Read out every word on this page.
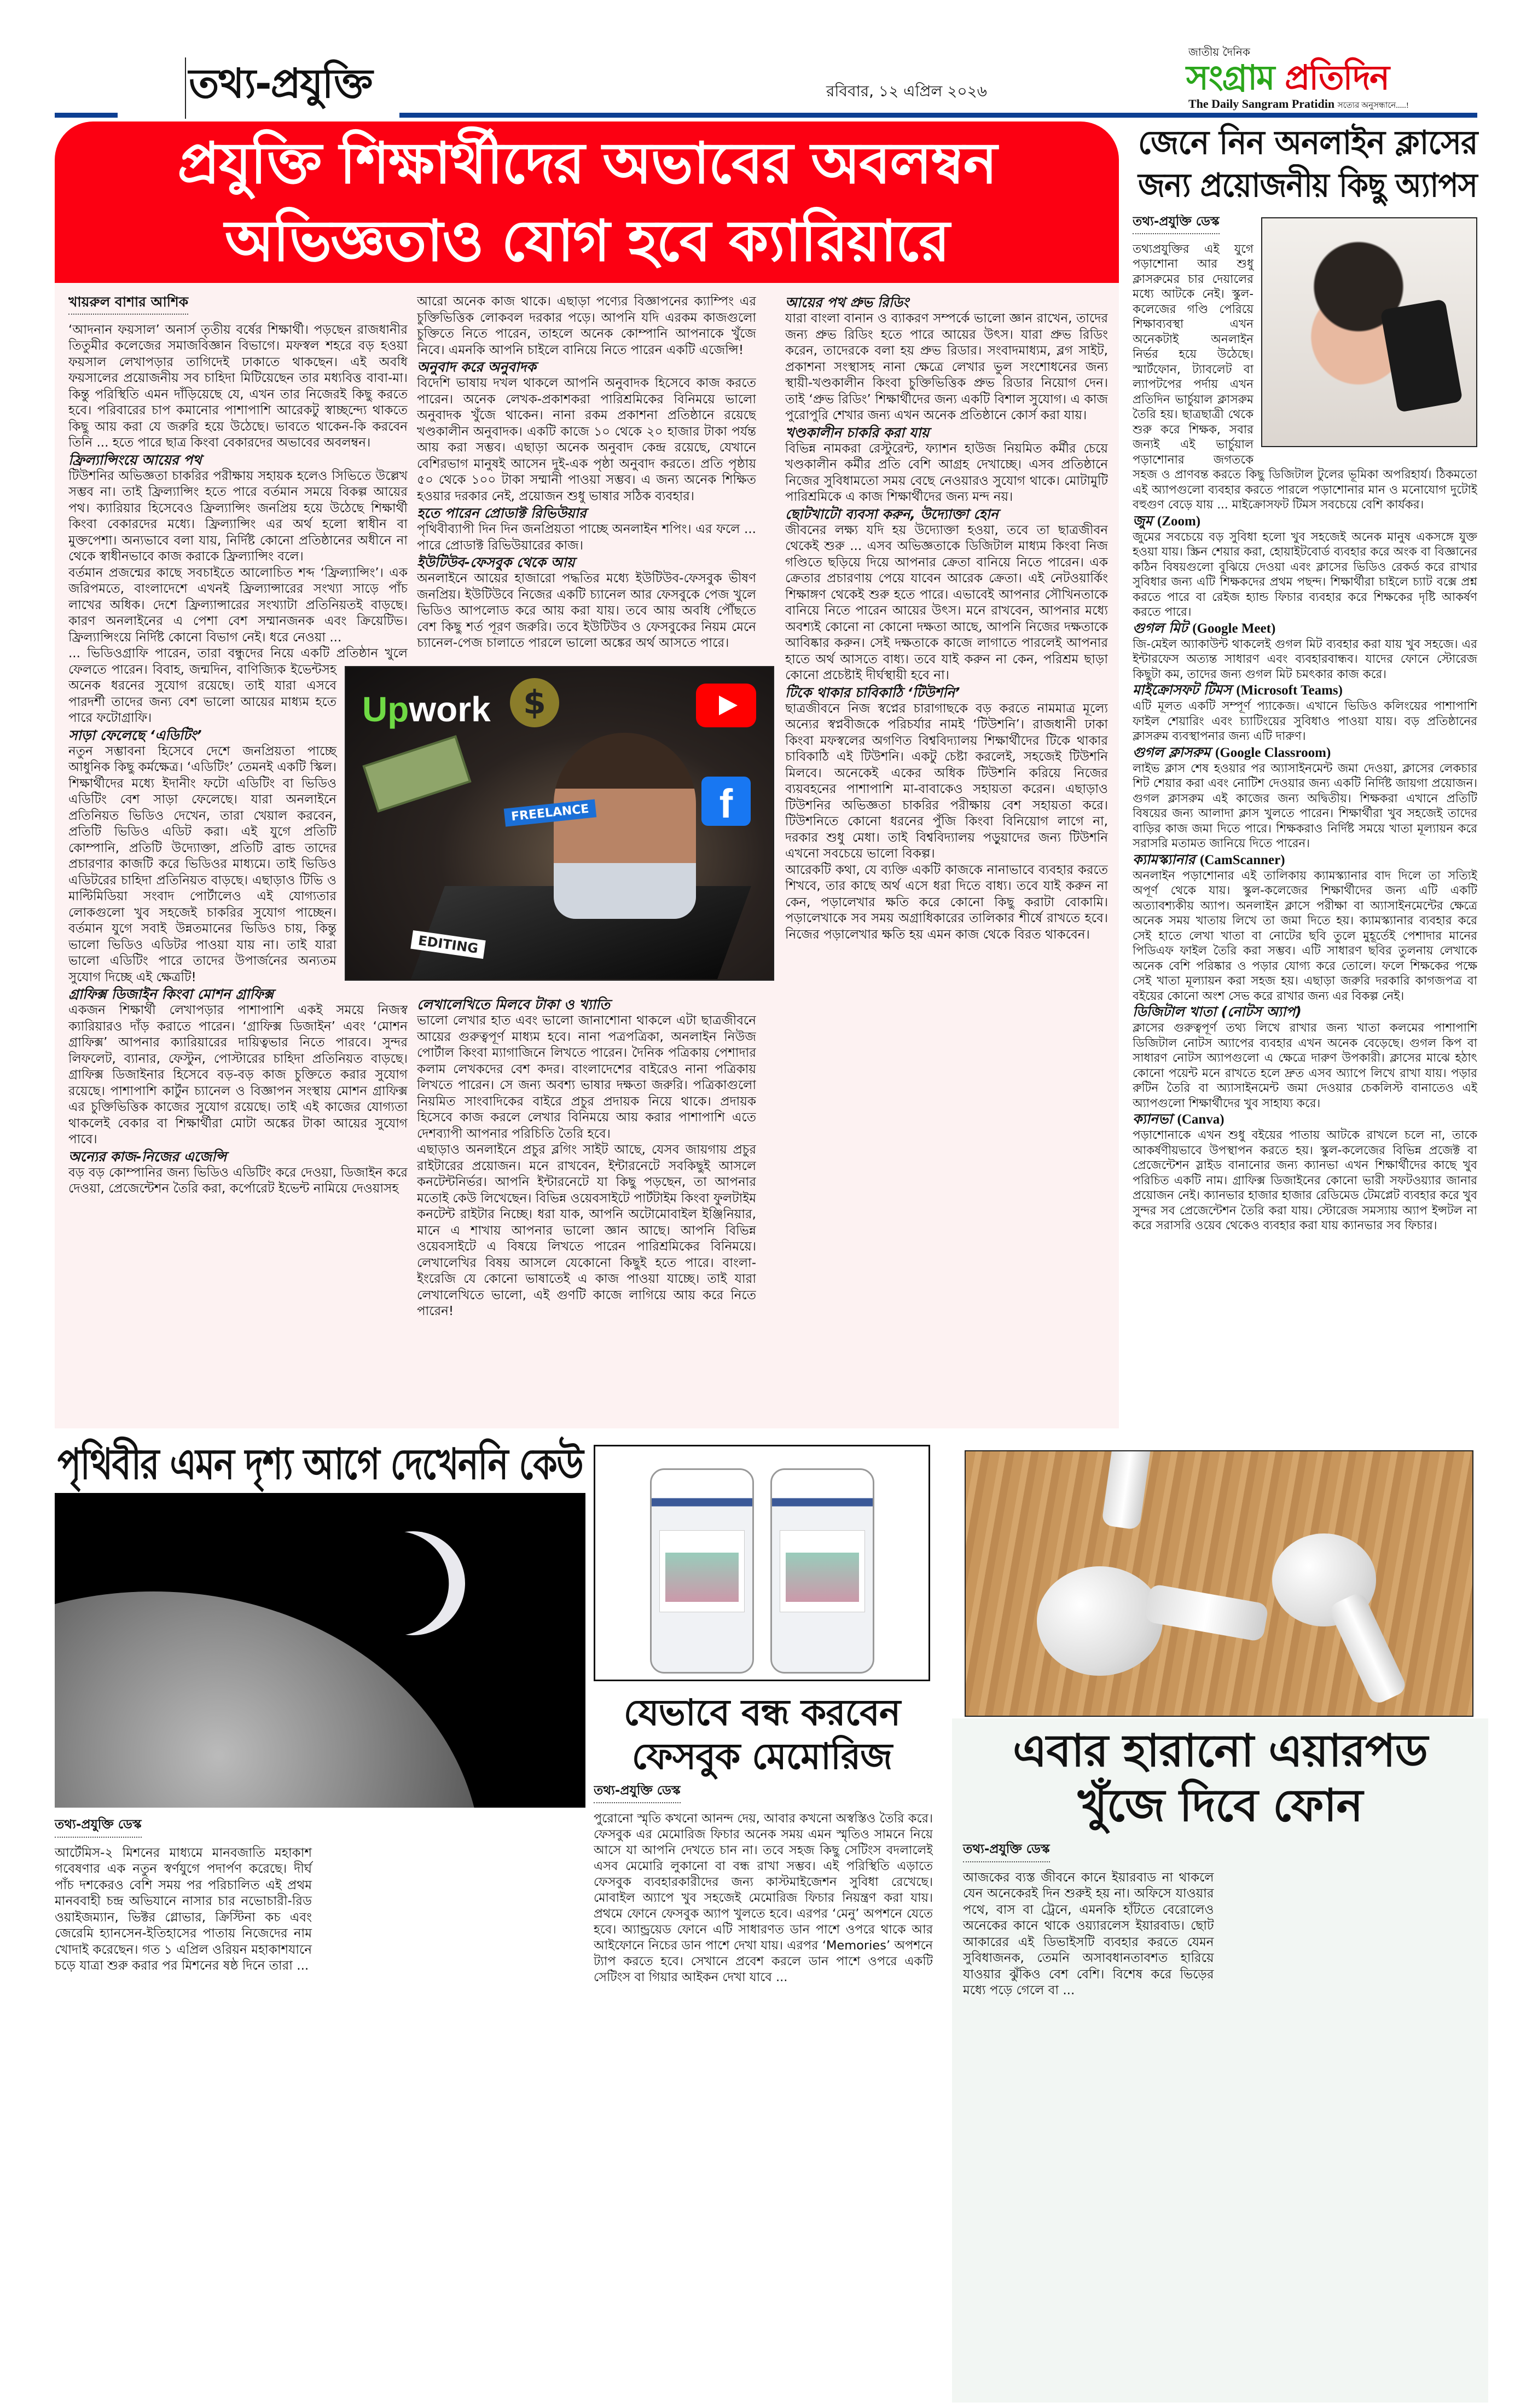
তথ্য-প্রযুক্তি	রবিবার, ১২ এপ্রিল ২০২৬
জাতীয় দৈনিক
সংগ্রাম প্রতিদিন
The Daily Sangram Pratidin সত্যের অনুসন্ধানে.....!
প্রযুক্তি শিক্ষার্থীদের অভাবের অবলম্বন
অভিজ্ঞতাও যোগ হবে ক্যারিয়ারে
খায়রুল বাশার আশিক

‘আদনান ফয়সাল’ অনার্স তৃতীয় বর্ষের শিক্ষার্থী। পড়ছেন রাজধানীর তিতুমীর কলেজের সমাজবিজ্ঞান বিভাগে। মফস্বল শহরে বড় হওয়া ফয়সাল লেখাপড়ার তাগিদেই ঢাকাতে থাকছেন। এই অবধি ফয়সালের প্রয়োজনীয় সব চাহিদা মিটিয়েছেন তার মধ্যবিত্ত বাবা-মা। কিন্তু পরিস্থিতি এমন দাঁড়িয়েছে যে, এখন তার নিজেরই কিছু করতে হবে। পরিবারের চাপ কমানোর পাশাপাশি আরেকটু স্বাচ্ছন্দ্যে থাকতে কিছু আয় করা যে জরুরি হয়ে উঠেছে। ভাবতে থাকেন-কি করবেন তিনি ... হতে পারে ছাত্র কিংবা বেকারদের অভাবের অবলম্বন।

ফ্রিল্যান্সিংয়ে আয়ের পথ

টিউশনির অভিজ্ঞতা চাকরির পরীক্ষায় সহায়ক হলেও সিভিতে উল্লেখ সম্ভব না। তাই ফ্রিল্যান্সিং হতে পারে বর্তমান সময়ে বিকল্প আয়ের পথ। ক্যারিয়ার হিসেবেও ফ্রিল্যান্সিং জনপ্রিয় হয়ে উঠেছে শিক্ষার্থী কিংবা বেকারদের মধ্যে। ফ্রিল্যান্সিং এর অর্থ হলো স্বাধীন বা মুক্তপেশা। অন্যভাবে বলা যায়, নির্দিষ্ট কোনো প্রতিষ্ঠানের অধীনে না থেকে স্বাধীনভাবে কাজ করাকে ফ্রিল্যান্সিং বলে।

বর্তমান প্রজন্মের কাছে সবচাইতে আলোচিত শব্দ ‘ফ্রিল্যান্সিং’। এক জরিপমতে, বাংলাদেশে এখনই ফ্রিল্যান্সারের সংখ্যা সাড়ে পাঁচ লাখের অধিক। দেশে ফ্রিল্যান্সারের সংখ্যাটা প্রতিনিয়তই বাড়ছে। কারণ অনলাইনের এ পেশা বেশ সম্মানজনক এবং ক্রিয়েটিভ। ফ্রিল্যান্সিংয়ে নির্দিষ্ট কোনো বিভাগ নেই। ধরে নেওয়া ...

... ভিডিওগ্রাফি পারেন, তারা বন্ধুদের নিয়ে একটি প্রতিষ্ঠান খুলে ফেলতে পারেন। বিবাহ, জন্মদিন, বাণিজ্যিক ইভেন্টসহ অনেক ধরনের সুযোগ রয়েছে। তাই যারা এসবে পারদর্শী তাদের জন্য বেশ ভালো আয়ের মাধ্যম হতে পারে ফটোগ্রাফি।

সাড়া ফেলেছে ‘এডিটিং’

নতুন সম্ভাবনা হিসেবে দেশে জনপ্রিয়তা পাচ্ছে আধুনিক কিছু কর্মক্ষেত্র। ‘এডিটিং’ তেমনই একটি স্কিল। শিক্ষার্থীদের মধ্যে ইদানীং ফটো এডিটিং বা ভিডিও এডিটিং বেশ সাড়া ফেলেছে। যারা অনলাইনে প্রতিনিয়ত ভিডিও দেখেন, তারা খেয়াল করবেন, প্রতিটি ভিডিও এডিট করা। এই যুগে প্রতিটি কোম্পানি, প্রতিটি উদ্যোক্তা, প্রতিটি ব্রান্ড তাদের প্রচারণার কাজটি করে ভিডিওর মাধ্যমে। তাই ভিডিও এডিটরের চাহিদা প্রতিনিয়ত বাড়ছে। এছাড়াও টিভি ও মাল্টিমিডিয়া সংবাদ পোর্টালেও এই যোগ্যতার লোকগুলো খুব সহজেই চাকরির সুযোগ পাচ্ছেন। বর্তমান যুগে সবাই উন্নতমানের ভিডিও চায়, কিন্তু ভালো ভিডিও এডিটর পাওয়া যায় না। তাই যারা ভালো এডিটিং পারে তাদের উপার্জনের অন্যতম সুযোগ দিচ্ছে এই ক্ষেত্রটি!

গ্রাফিক্স ডিজাইন কিংবা মোশন গ্রাফিক্স

একজন শিক্ষার্থী লেখাপড়ার পাশাপাশি একই সময়ে নিজস্ব ক্যারিয়ারও দাঁড় করাতে পারেন। ‘গ্রাফিক্স ডিজাইন’ এবং ‘মোশন গ্রাফিক্স’ আপনার ক্যারিয়ারের দায়িত্বভার নিতে পারবে। সুন্দর লিফলেট, ব্যানার, ফেস্টুন, পোস্টারের চাহিদা প্রতিনিয়ত বাড়ছে। গ্রাফিক্স ডিজাইনার হিসেবে বড়-বড় কাজ চুক্তিতে করার সুযোগ রয়েছে। পাশাপাশি কার্টুন চ্যানেল ও বিজ্ঞাপন সংস্থায় মোশন গ্রাফিক্স এর চুক্তিভিত্তিক কাজের সুযোগ রয়েছে। তাই এই কাজের যোগ্যতা থাকলেই বেকার বা শিক্ষার্থীরা মোটা অঙ্কের টাকা আয়ের সুযোগ পাবে।

অন্যের কাজ-নিজের এজেন্সি

বড় বড় কোম্পানির জন্য ভিডিও এডিটিং করে দেওয়া, ডিজাইন করে দেওয়া, প্রেজেন্টেশন তৈরি করা, কর্পোরেট ইভেন্ট নামিয়ে দেওয়াসহ

আরো অনেক কাজ থাকে। এছাড়া পণ্যের বিজ্ঞাপনের ক্যাম্পিং এর চুক্তিভিত্তিক লোকবল দরকার পড়ে। আপনি যদি এরকম কাজগুলো চুক্তিতে নিতে পারেন, তাহলে অনেক কোম্পানি আপনাকে খুঁজে নিবে। এমনকি আপনি চাইলে বানিয়ে নিতে পারেন একটি এজেন্সি!

অনুবাদ করে অনুবাদক

বিদেশি ভাষায় দখল থাকলে আপনি অনুবাদক হিসেবে কাজ করতে পারেন। অনেক লেখক-প্রকাশকরা পারিশ্রমিকের বিনিময়ে ভালো অনুবাদক খুঁজে থাকেন। নানা রকম প্রকাশনা প্রতিষ্ঠানে রয়েছে খণ্ডকালীন অনুবাদক। একটি কাজে ১০ থেকে ২০ হাজার টাকা পর্যন্ত আয় করা সম্ভব। এছাড়া অনেক অনুবাদ কেন্দ্র রয়েছে, যেখানে বেশিরভাগ মানুষই আসেন দুই-এক পৃষ্ঠা অনুবাদ করতে। প্রতি পৃষ্ঠায় ৫০ থেকে ১০০ টাকা সম্মানী পাওয়া সম্ভব। এ জন্য অনেক শিক্ষিত হওয়ার দরকার নেই, প্রয়োজন শুধু ভাষার সঠিক ব্যবহার।

হতে পারেন প্রোডাক্ট রিভিউয়ার

পৃথিবীব্যাপী দিন দিন জনপ্রিয়তা পাচ্ছে অনলাইন শপিং। এর ফলে ... পারে প্রোডাক্ট রিভিউয়ারের কাজ।

ইউটিউব-ফেসবুক থেকে আয়

অনলাইনে আয়ের হাজারো পদ্ধতির মধ্যে ইউটিউব-ফেসবুক ভীষণ জনপ্রিয়। ইউটিউবে নিজের একটি চ্যানেল আর ফেসবুকে পেজ খুলে ভিডিও আপলোড করে আয় করা যায়। তবে আয় অবধি পৌঁছতে বেশ কিছু শর্ত পূরণ জরুরি। তবে ইউটিউব ও ফেসবুকের নিয়ম মেনে চ্যানেল-পেজ চালাতে পারলে ভালো অঙ্কের অর্থ আসতে পারে।

লেখালেখিতে মিলবে টাকা ও খ্যাতি

ভালো লেখার হাত এবং ভালো জানাশোনা থাকলে এটা ছাত্রজীবনে আয়ের গুরুত্বপূর্ণ মাধ্যম হবে। নানা পত্রপত্রিকা, অনলাইন নিউজ পোর্টাল কিংবা ম্যাগাজিনে লিখতে পারেন। দৈনিক পত্রিকায় পেশাদার কলাম লেখকদের বেশ কদর। বাংলাদেশের বাইরেও নানা পত্রিকায় লিখতে পারেন। সে জন্য অবশ্য ভাষার দক্ষতা জরুরি। পত্রিকাগুলো নিয়মিত সাংবাদিকের বাইরে প্রচুর প্রদায়ক নিয়ে থাকে। প্রদায়ক হিসেবে কাজ করলে লেখার বিনিময়ে আয় করার পাশাপাশি এতে দেশব্যাপী আপনার পরিচিতি তৈরি হবে।

এছাড়াও অনলাইনে প্রচুর ব্লগিং সাইট আছে, যেসব জায়গায় প্রচুর রাইটারের প্রয়োজন। মনে রাখবেন, ইন্টারনেটে সবকিছুই আসলে কনটেন্টনির্ভর। আপনি ইন্টারনেটে যা কিছু পড়ছেন, তা আপনার মতোই কেউ লিখেছেন। বিভিন্ন ওয়েবসাইটে পার্টটাইম কিংবা ফুলটাইম কনটেন্ট রাইটার নিচ্ছে। ধরা যাক, আপনি অটোমোবাইল ইঞ্জিনিয়ার, মানে এ শাখায় আপনার ভালো জ্ঞান আছে। আপনি বিভিন্ন ওয়েবসাইটে এ বিষয়ে লিখতে পারেন পারিশ্রমিকের বিনিময়ে। লেখালেখির বিষয় আসলে যেকোনো কিছুই হতে পারে। বাংলা-ইংরেজি যে কোনো ভাষাতেই এ কাজ পাওয়া যাচ্ছে। তাই যারা লেখালেখিতে ভালো, এই গুণটি কাজে লাগিয়ে আয় করে নিতে পারেন!

আয়ের পথ প্রুভ রিডিং

যারা বাংলা বানান ও ব্যাকরণ সম্পর্কে ভালো জ্ঞান রাখেন, তাদের জন্য প্রুভ রিডিং হতে পারে আয়ের উৎস। যারা প্রুভ রিডিং করেন, তাদেরকে বলা হয় প্রুভ রিডার। সংবাদমাধ্যম, ব্লগ সাইট, প্রকাশনা সংস্থাসহ নানা ক্ষেত্রে লেখার ভুল সংশোধনের জন্য স্থায়ী-খণ্ডকালীন কিংবা চুক্তিভিত্তিক প্রুভ রিডার নিয়োগ দেন। তাই ‘প্রুভ রিডিং’ শিক্ষার্থীদের জন্য একটি বিশাল সুযোগ। এ কাজ পুরোপুরি শেখার জন্য এখন অনেক প্রতিষ্ঠানে কোর্স করা যায়।

খণ্ডকালীন চাকরি করা যায়

বিভিন্ন নামকরা রেস্টুরেন্ট, ফ্যাশন হাউজ নিয়মিত কর্মীর চেয়ে খণ্ডকালীন কর্মীর প্রতি বেশি আগ্রহ দেখাচ্ছে। এসব প্রতিষ্ঠানে নিজের সুবিধামতো সময় বেছে নেওয়ারও সুযোগ থাকে। মোটামুটি পারিশ্রমিকে এ কাজ শিক্ষার্থীদের জন্য মন্দ নয়।

ছোটখাটো ব্যবসা করুন, উদ্যোক্তা হোন

জীবনের লক্ষ্য যদি হয় উদ্যোক্তা হওয়া, তবে তা ছাত্রজীবন থেকেই শুরু ... এসব অভিজ্ঞতাকে ডিজিটাল মাধ্যম কিংবা নিজ গণ্ডিতে ছড়িয়ে দিয়ে আপনার ক্রেতা বানিয়ে নিতে পারেন। এক ক্রেতার প্রচারণায় পেয়ে যাবেন আরেক ক্রেতা। এই নেটওয়ার্কিং শিক্ষাঙ্গণ থেকেই শুরু হতে পারে। এভাবেই আপনার সৌখিনতাকে বানিয়ে নিতে পারেন আয়ের উৎস। মনে রাখবেন, আপনার মধ্যে অবশ্যই কোনো না কোনো দক্ষতা আছে, আপনি নিজের দক্ষতাকে আবিষ্কার করুন। সেই দক্ষতাকে কাজে লাগাতে পারলেই আপনার হাতে অর্থ আসতে বাধ্য। তবে যাই করুন না কেন, পরিশ্রম ছাড়া কোনো প্রচেষ্টাই দীর্ঘস্থায়ী হবে না।

টিকে থাকার চাবিকাঠি ‘টিউশনি’

ছাত্রজীবনে নিজ স্বপ্নের চারাগাছকে বড় করতে নামমাত্র মূল্যে অন্যের স্বপ্নবীজকে পরিচর্যার নামই ‘টিউশনি’। রাজধানী ঢাকা কিংবা মফস্বলের অগণিত বিশ্ববিদ্যালয় শিক্ষার্থীদের টিকে থাকার চাবিকাঠি এই টিউশনি। একটু চেষ্টা করলেই, সহজেই টিউশনি মিলবে। অনেকেই একের অধিক টিউশনি করিয়ে নিজের ব্যয়বহনের পাশাপাশি মা-বাবাকেও সহায়তা করেন। এছাড়াও টিউশনির অভিজ্ঞতা চাকরির পরীক্ষায় বেশ সহায়তা করে। টিউশনিতে কোনো ধরনের পুঁজি কিংবা বিনিয়োগ লাগে না, দরকার শুধু মেধা। তাই বিশ্ববিদ্যালয় পড়ুয়াদের জন্য টিউশনি এখনো সবচেয়ে ভালো বিকল্প।

আরেকটি কথা, যে ব্যক্তি একটি কাজকে নানাভাবে ব্যবহার করতে শিখবে, তার কাছে অর্থ এসে ধরা দিতে বাধ্য। তবে যাই করুন না কেন, পড়ালেখার ক্ষতি করে কোনো কিছু করাটা বোকামি। পড়ালেখাকে সব সময় অগ্রাধিকারের তালিকার শীর্ষে রাখতে হবে। নিজের পড়ালেখার ক্ষতি হয় এমন কাজ থেকে বিরত থাকবেন।

Upwork $
f
FREELANCE
EDITING
জেনে নিন অনলাইন ক্লাসের
জন্য প্রয়োজনীয় কিছু অ্যাপস
তথ্য-প্রযুক্তি ডেস্ক

তথ্যপ্রযুক্তির এই যুগে পড়াশোনা আর শুধু ক্লাসরুমের চার দেয়ালের মধ্যে আটকে নেই। স্কুল-কলেজের গণ্ডি পেরিয়ে শিক্ষাব্যবস্থা এখন অনেকটাই অনলাইন নির্ভর হয়ে উঠেছে। স্মার্টফোন, ট্যাবলেট বা ল্যাপটপের পর্দায় এখন প্রতিদিন ভার্চুয়াল ক্লাসরুম তৈরি হয়। ছাত্রছাত্রী থেকে শুরু করে শিক্ষক, সবার জন্যই এই ভার্চুয়াল পড়াশোনার জগতকে সহজ ও প্রাণবন্ত করতে কিছু ডিজিটাল টুলের ভূমিকা অপরিহার্য। ঠিকমতো এই অ্যাপগুলো ব্যবহার করতে পারলে পড়াশোনার মান ও মনোযোগ দুটোই বহুগুণ বেড়ে যায় ... মাইক্রোসফট টিমস সবচেয়ে বেশি কার্যকর।

জুম (Zoom)

জুমের সবচেয়ে বড় সুবিধা হলো খুব সহজেই অনেক মানুষ একসঙ্গে যুক্ত হওয়া যায়। স্ক্রিন শেয়ার করা, হোয়াইটবোর্ড ব্যবহার করে অংক বা বিজ্ঞানের কঠিন বিষয়গুলো বুঝিয়ে দেওয়া এবং ক্লাসের ভিডিও রেকর্ড করে রাখার সুবিধার জন্য এটি শিক্ষকদের প্রথম পছন্দ। শিক্ষার্থীরা চাইলে চ্যাট বক্সে প্রশ্ন করতে পারে বা রেইজ হ্যান্ড ফিচার ব্যবহার করে শিক্ষকের দৃষ্টি আকর্ষণ করতে পারে।

গুগল মিট (Google Meet)

জি-মেইল অ্যাকাউন্ট থাকলেই গুগল মিট ব্যবহার করা যায় খুব সহজে। এর ইন্টারফেস অত্যন্ত সাধারণ এবং ব্যবহারবান্ধব। যাদের ফোনে স্টোরেজ কিছুটা কম, তাদের জন্য গুগল মিট চমৎকার কাজ করে।

মাইক্রোসফট টিমস (Microsoft Teams)

এটি মূলত একটি সম্পূর্ণ প্যাকেজ। এখানে ভিডিও কলিংয়ের পাশাপাশি ফাইল শেয়ারিং এবং চ্যাটিংয়ের সুবিধাও পাওয়া যায়। বড় প্রতিষ্ঠানের ক্লাসরুম ব্যবস্থাপনার জন্য এটি দারুণ।

গুগল ক্লাসরুম (Google Classroom)

লাইভ ক্লাস শেষ হওয়ার পর অ্যাসাইনমেন্ট জমা দেওয়া, ক্লাসের লেকচার শিট শেয়ার করা এবং নোটিশ দেওয়ার জন্য একটি নির্দিষ্ট জায়গা প্রয়োজন। গুগল ক্লাসরুম এই কাজের জন্য অদ্বিতীয়। শিক্ষকরা এখানে প্রতিটি বিষয়ের জন্য আলাদা ক্লাস খুলতে পারেন। শিক্ষার্থীরা খুব সহজেই তাদের বাড়ির কাজ জমা দিতে পারে। শিক্ষকরাও নির্দিষ্ট সময়ে খাতা মূল্যায়ন করে সরাসরি মতামত জানিয়ে দিতে পারেন।

ক্যামস্ক্যানার (CamScanner)

অনলাইন পড়াশোনার এই তালিকায় ক্যামস্ক্যানার বাদ দিলে তা সত্যিই অপূর্ণ থেকে যায়। স্কুল-কলেজের শিক্ষার্থীদের জন্য এটি একটি অত্যাবশ্যকীয় অ্যাপ। অনলাইন ক্লাসে পরীক্ষা বা অ্যাসাইনমেন্টের ক্ষেত্রে অনেক সময় খাতায় লিখে তা জমা দিতে হয়। ক্যামস্ক্যানার ব্যবহার করে সেই হাতে লেখা খাতা বা নোটের ছবি তুলে মুহূর্তেই পেশাদার মানের পিডিএফ ফাইল তৈরি করা সম্ভব। এটি সাধারণ ছবির তুলনায় লেখাকে অনেক বেশি পরিষ্কার ও পড়ার যোগ্য করে তোলে। ফলে শিক্ষকের পক্ষে সেই খাতা মূল্যায়ন করা সহজ হয়। এছাড়া জরুরি দরকারি কাগজপত্র বা বইয়ের কোনো অংশ সেভ করে রাখার জন্য এর বিকল্প নেই।

ডিজিটাল খাতা (নোটস অ্যাপ)

ক্লাসের গুরুত্বপূর্ণ তথ্য লিখে রাখার জন্য খাতা কলমের পাশাপাশি ডিজিটাল নোটস অ্যাপের ব্যবহার এখন অনেক বেড়েছে। গুগল কিপ বা সাধারণ নোটস অ্যাপগুলো এ ক্ষেত্রে দারুণ উপকারী। ক্লাসের মাঝে হঠাৎ কোনো পয়েন্ট মনে রাখতে হলে দ্রুত এসব অ্যাপে লিখে রাখা যায়। পড়ার রুটিন তৈরি বা অ্যাসাইনমেন্ট জমা দেওয়ার চেকলিস্ট বানাতেও এই অ্যাপগুলো শিক্ষার্থীদের খুব সাহায্য করে।

ক্যানভা (Canva)

পড়াশোনাকে এখন শুধু বইয়ের পাতায় আটকে রাখলে চলে না, তাকে আকর্ষণীয়ভাবে উপস্থাপন করতে হয়। স্কুল-কলেজের বিভিন্ন প্রজেক্ট বা প্রেজেন্টেশন স্লাইড বানানোর জন্য ক্যানভা এখন শিক্ষার্থীদের কাছে খুব পরিচিত একটি নাম। গ্রাফিক্স ডিজাইনের কোনো ভারী সফটওয়্যার জানার প্রয়োজন নেই। ক্যানভার হাজার হাজার রেডিমেড টেমপ্লেট ব্যবহার করে খুব সুন্দর সব প্রেজেন্টেশন তৈরি করা যায়। স্টোরেজ সমস্যায় অ্যাপ ইন্সটল না করে সরাসরি ওয়েব থেকেও ব্যবহার করা যায় ক্যানভার সব ফিচার।

পৃথিবীর এমন দৃশ্য আগে দেখেননি কেউ
তথ্য-প্রযুক্তি ডেস্ক

আর্টেমিস-২ মিশনের মাধ্যমে মানবজাতি মহাকাশ গবেষণার এক নতুন স্বর্ণযুগে পদার্পণ করেছে। দীর্ঘ পাঁচ দশকেরও বেশি সময় পর পরিচালিত এই প্রথম মানববাহী চন্দ্র অভিযানে নাসার চার নভোচারী-রিড ওয়াইজম্যান, ভিক্টর গ্লোভার, ক্রিস্টিনা কচ এবং জেরেমি হ্যানসেন-ইতিহাসের পাতায় নিজেদের নাম খোদাই করেছেন। গত ১ এপ্রিল ওরিয়ন মহাকাশযানে চড়ে যাত্রা শুরু করার পর মিশনের ষষ্ঠ দিনে তারা ...

যেভাবে বন্ধ করবেন
ফেসবুক মেমোরিজ
তথ্য-প্রযুক্তি ডেস্ক

পুরোনো স্মৃতি কখনো আনন্দ দেয়, আবার কখনো অস্বস্তিও তৈরি করে। ফেসবুক এর মেমোরিজ ফিচার অনেক সময় এমন স্মৃতিও সামনে নিয়ে আসে যা আপনি দেখতে চান না। তবে সহজ কিছু সেটিংস বদলালেই এসব মেমোরি লুকানো বা বন্ধ রাখা সম্ভব। এই পরিস্থিতি এড়াতে ফেসবুক ব্যবহারকারীদের জন্য কাস্টমাইজেশন সুবিধা রেখেছে। মোবাইল অ্যাপে খুব সহজেই মেমোরিজ ফিচার নিয়ন্ত্রণ করা যায়। প্রথমে ফোনে ফেসবুক অ্যাপ খুলতে হবে। এরপর ‘মেনু’ অপশনে যেতে হবে। অ্যান্ড্রয়েড ফোনে এটি সাধারণত ডান পাশে ওপরে থাকে আর আইফোনে নিচের ডান পাশে দেখা যায়। এরপর ‘Memories’ অপশনে ট্যাপ করতে হবে। সেখানে প্রবেশ করলে ডান পাশে ওপরে একটি সেটিংস বা গিয়ার আইকন দেখা যাবে ...

এবার হারানো এয়ারপড
খুঁজে দিবে ফোন
তথ্য-প্রযুক্তি ডেস্ক

আজকের ব্যস্ত জীবনে কানে ইয়ারবাড না থাকলে যেন অনেকেরই দিন শুরুই হয় না। অফিসে যাওয়ার পথে, বাস বা ট্রেনে, এমনকি হাঁটতে বেরোলেও অনেকের কানে থাকে ওয়্যারলেস ইয়ারবাড। ছোট আকারের এই ডিভাইসটি ব্যবহার করতে যেমন সুবিধাজনক, তেমনি অসাবধানতাবশত হারিয়ে যাওয়ার ঝুঁকিও বেশ বেশি। বিশেষ করে ভিড়ের মধ্যে পড়ে গেলে বা ...
